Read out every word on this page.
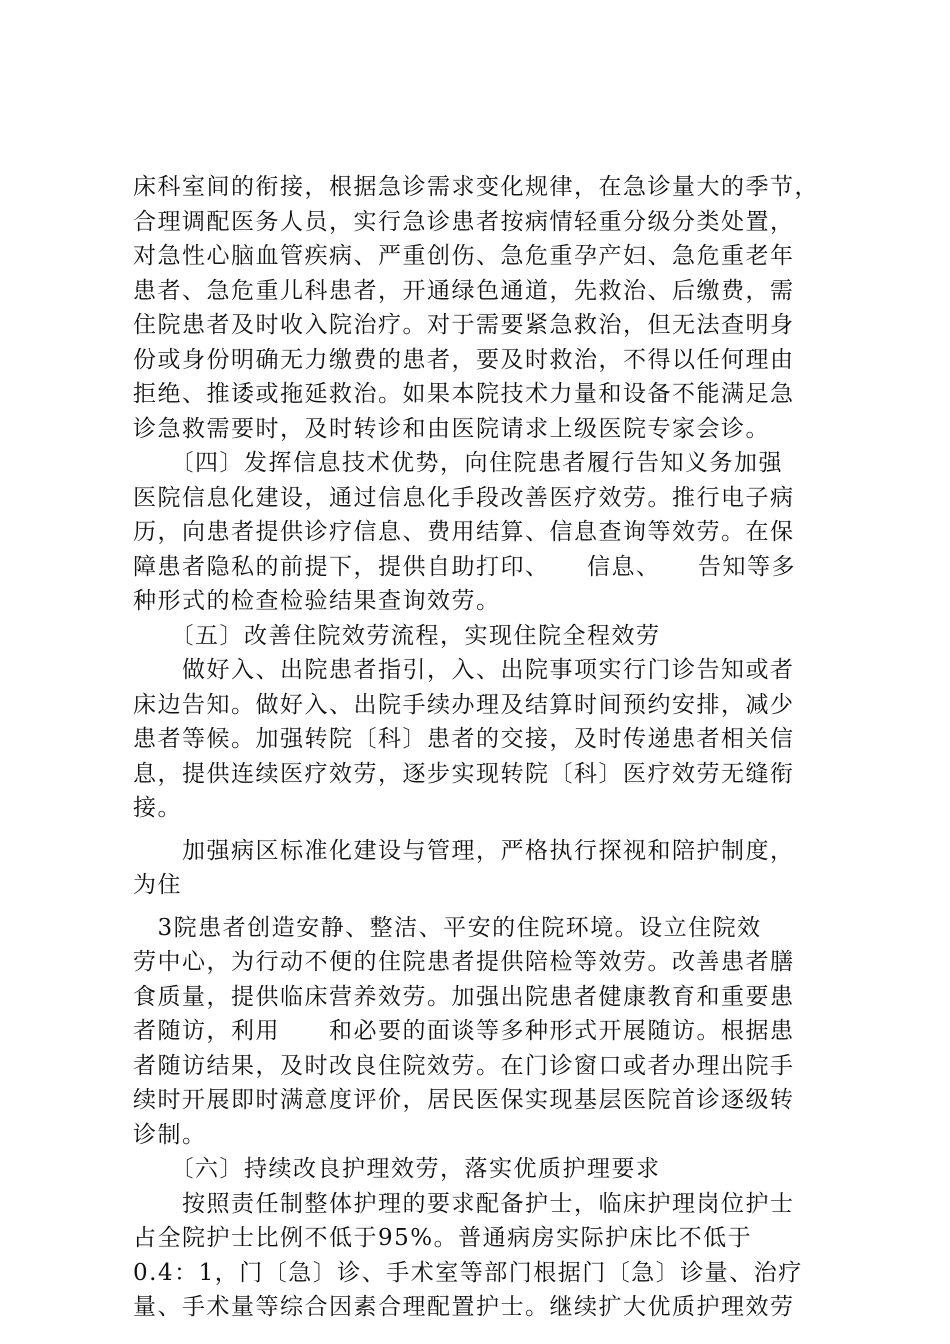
床科室间的衔接，根据急诊需求变化规律，在急诊量大的季节，
合理调配医务人员，实行急诊患者按病情轻重分级分类处置，
对急性心脑血管疾病、严重创伤、急危重孕产妇、急危重老年
患者、急危重儿科患者，开通绿色通道，先救治、后缴费，需
住院患者及时收入院治疗。对于需要紧急救治，但无法查明身
份或身份明确无力缴费的患者，要及时救治，不得以任何理由
拒绝、推诿或拖延救治。如果本院技术力量和设备不能满足急
诊急救需要时，及时转诊和由医院请求上级医院专家会诊。
　　〔四〕发挥信息技术优势，向住院患者履行告知义务加强
医院信息化建设，通过信息化手段改善医疗效劳。推行电子病
历，向患者提供诊疗信息、费用结算、信息查询等效劳。在保
障患者隐私的前提下，提供自助打印、　　信息、　　告知等多
种形式的检查检验结果查询效劳。
　　〔五〕改善住院效劳流程，实现住院全程效劳
　　做好入、出院患者指引，入、出院事项实行门诊告知或者
床边告知。做好入、出院手续办理及结算时间预约安排，减少
患者等候。加强转院〔科〕患者的交接，及时传递患者相关信
息，提供连续医疗效劳，逐步实现转院〔科〕医疗效劳无缝衔
接。
　　加强病区标准化建设与管理，严格执行探视和陪护制度，
为住
　3院患者创造安静、整洁、平安的住院环境。设立住院效
劳中心，为行动不便的住院患者提供陪检等效劳。改善患者膳
食质量，提供临床营养效劳。加强出院患者健康教育和重要患
者随访，利用　　和必要的面谈等多种形式开展随访。根据患
者随访结果，及时改良住院效劳。在门诊窗口或者办理出院手
续时开展即时满意度评价，居民医保实现基层医院首诊逐级转
诊制。
　　〔六〕持续改良护理效劳，落实优质护理要求
　　按照责任制整体护理的要求配备护士，临床护理岗位护士
占全院护士比例不低于95%。普通病房实际护床比不低于
0.4：1，门〔急〕诊、手术室等部门根据门〔急〕诊量、治疗
量、手术量等综合因素合理配置护士。继续扩大优质护理效劳
